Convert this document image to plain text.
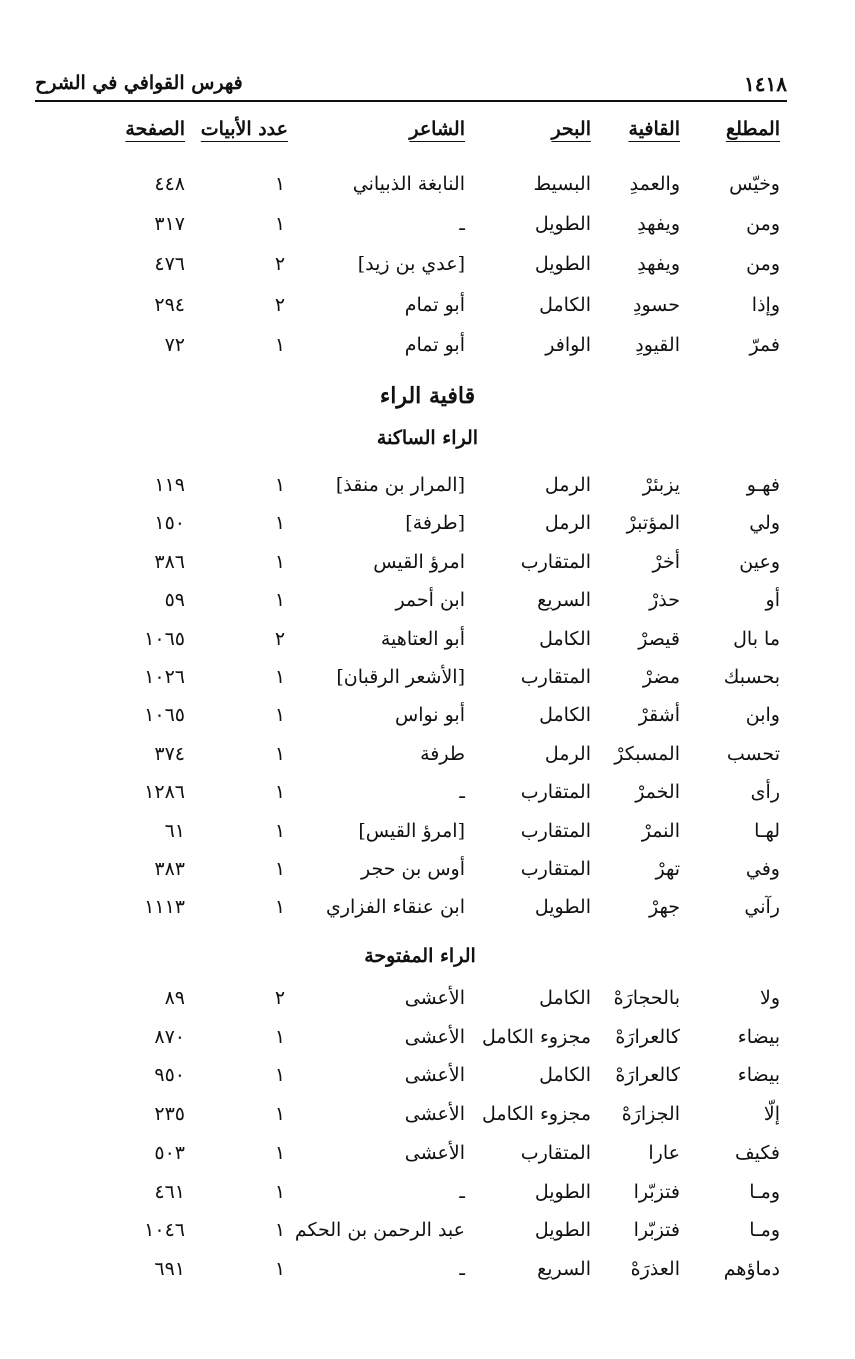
فهرس القوافي في الشرح	١٤١٨
المطلع
القافية
البحر
الشاعر
عدد الأبيات
الصفحة
قافية الراء
الراء الساكنة
الراء المفتوحة
وخيّس
والعمدِ
البسيط
النابغة الذبياني
١
٤٤٨
ومن
ويفهدِ
الطويل
ـ
١
٣١٧
ومن
ويفهدِ
الطويل
[عدي بن زيد]
٢
٤٧٦
وإذا
حسودِ
الكامل
أبو تمام
٢
٢٩٤
فمرّ
القيودِ
الوافر
أبو تمام
١
٧٢
فهـو
يزبئرْ
الرمل
[المرار بن منقذ]
١
١١٩
ولي
المؤتبرْ
الرمل
[طرفة]
١
١٥٠
وعين
أخرْ
المتقارب
امرؤ القيس
١
٣٨٦
أو
حذرْ
السريع
ابن أحمر
١
٥٩
ما بال
قيصرْ
الكامل
أبو العتاهية
٢
١٠٦٥
بحسبك
مضرْ
المتقارب
[الأشعر الرقبان]
١
١٠٢٦
وابن
أشقرْ
الكامل
أبو نواس
١
١٠٦٥
تحسب
المسبكرْ
الرمل
طرفة
١
٣٧٤
رأى
الخمرْ
المتقارب
ـ
١
١٢٨٦
لهـا
النمرْ
المتقارب
[امرؤ القيس]
١
٦١
وفي
تهرْ
المتقارب
أوس بن حجر
١
٣٨٣
رآني
جهرْ
الطويل
ابن عنقاء الفزاري
١
١١١٣
ولا
بالحجارَهْ
الكامل
الأعشى
٢
٨٩
بيضاء
كالعرارَهْ
مجزوء الكامل
الأعشى
١
٨٧٠
بيضاء
كالعرارَهْ
الكامل
الأعشى
١
٩٥٠
إلّا
الجزارَهْ
مجزوء الكامل
الأعشى
١
٢٣٥
فكيف
عارا
المتقارب
الأعشى
١
٥٠٣
ومـا
فتزبّرا
الطويل
ـ
١
٤٦١
ومـا
فتزبّرا
الطويل
عبد الرحمن بن الحكم
١
١٠٤٦
دماؤهم
العذرَهْ
السريع
ـ
١
٦٩١
